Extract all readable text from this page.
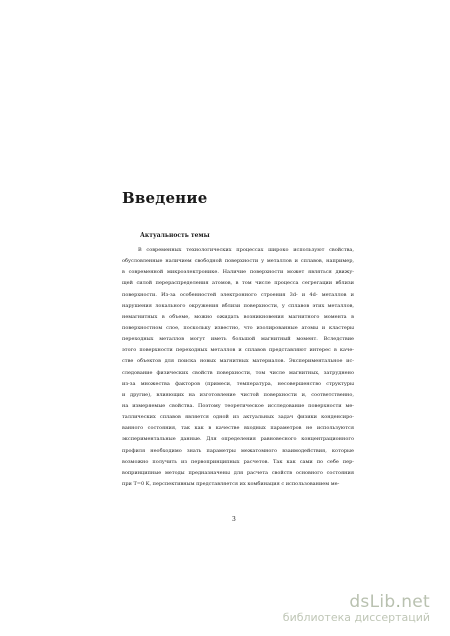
Введение
Актуальность темы
В современных технологических процессах широко используют свойства,
обусловленные наличием свободной поверхности у металлов и сплавов, например,
в современной микроэлектронике. Наличие поверхности может являться движу-
щей силой перераспределения атомов, в том числе процесса сегрегации вблизи
поверхности. Из-за особенностей электронного строения 3d- и 4d- металлов и
нарушения локального окружения вблизи поверхности, у сплавов этих металлов,
немагнитных в объеме, можно ожидать возникновения магнитного момента в
поверхностном слое, поскольку известно, что изолированные атомы и кластеры
переходных металлов могут иметь большой магнитный момент. Вследствие
этого поверхности переходных металлов и сплавов представляют интерес в каче-
стве объектов для поиска новых магнитных материалов. Экспериментальное ис-
следование физических свойств поверхности, том числе магнитных, затруднено
из-за множества факторов (примеси, температура, несовершенство структуры
и другие), влияющих на изготовление чистой поверхности и, соответственно,
на измеряемые свойства. Поэтому теоретическое исследование поверхности ме-
таллических сплавов является одной из актуальных задач физики конденсиро-
ванного состояния, так как в качестве входных параметров не используются
экспериментальные данные. Для определения равновесного концентрационного
профиля необходимо знать параметры межатомного взаимодействия, которые
возможно получить из первопринципных расчетов. Так как сами по себе пер-
вопринципные методы предназначены для расчета свойств основного состояния
при T=0 K, перспективным представляется их комбинация с использованием ме-
3
dsLib.net
библиотека диссертаций
